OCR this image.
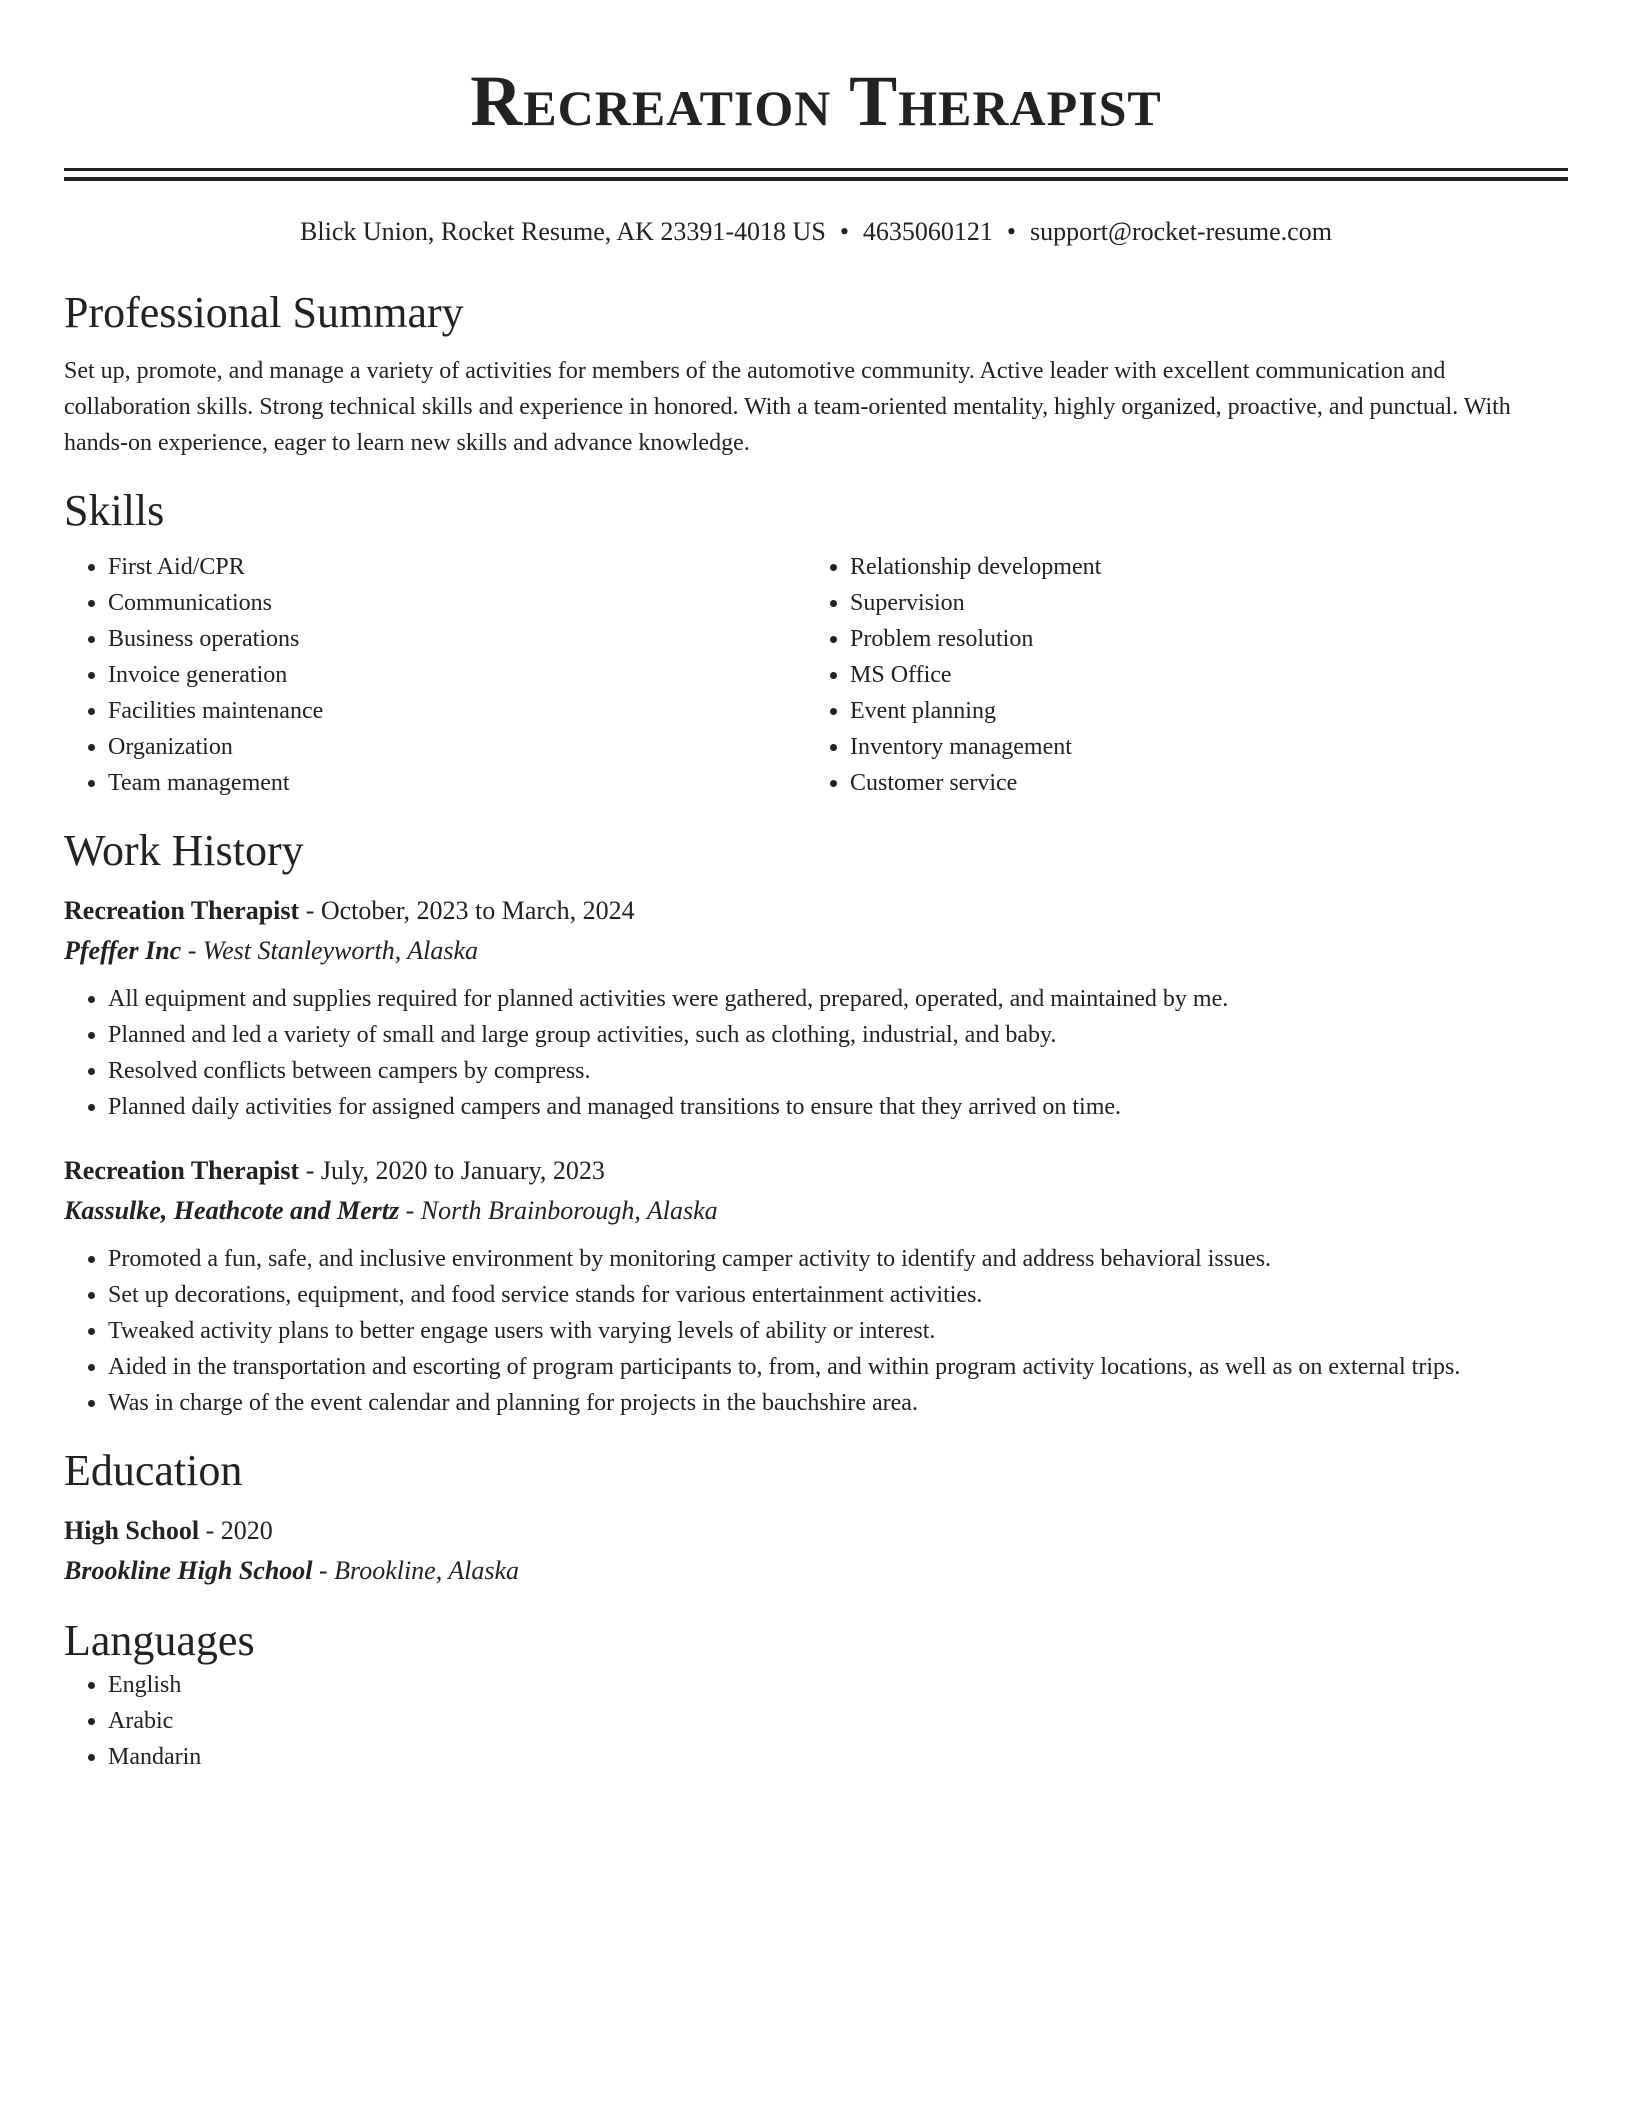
Recreation Therapist
Blick Union, Rocket Resume, AK 23391-4018 US • 4635060121 • support@rocket-resume.com
Professional Summary

Set up, promote, and manage a variety of activities for members of the automotive community. Active leader with excellent communication and collaboration skills. Strong technical skills and experience in honored. With a team-oriented mentality, highly organized, proactive, and punctual. With hands-on experience, eager to learn new skills and advance knowledge.

Skills
• First Aid/CPR
• Communications
• Business operations
• Invoice generation
• Facilities maintenance
• Organization
• Team management
• Relationship development
• Supervision
• Problem resolution
• MS Office
• Event planning
• Inventory management
• Customer service
Work History
Recreation Therapist - October, 2023 to March, 2024
Pfeffer Inc - West Stanleyworth, Alaska
• All equipment and supplies required for planned activities were gathered, prepared, operated, and maintained by me.
• Planned and led a variety of small and large group activities, such as clothing, industrial, and baby.
• Resolved conflicts between campers by compress.
• Planned daily activities for assigned campers and managed transitions to ensure that they arrived on time.
Recreation Therapist - July, 2020 to January, 2023
Kassulke, Heathcote and Mertz - North Brainborough, Alaska
• Promoted a fun, safe, and inclusive environment by monitoring camper activity to identify and address behavioral issues.
• Set up decorations, equipment, and food service stands for various entertainment activities.
• Tweaked activity plans to better engage users with varying levels of ability or interest.
• Aided in the transportation and escorting of program participants to, from, and within program activity locations, as well as on external trips.
• Was in charge of the event calendar and planning for projects in the bauchshire area.
Education
High School - 2020
Brookline High School - Brookline, Alaska
Languages
• English
• Arabic
• Mandarin
